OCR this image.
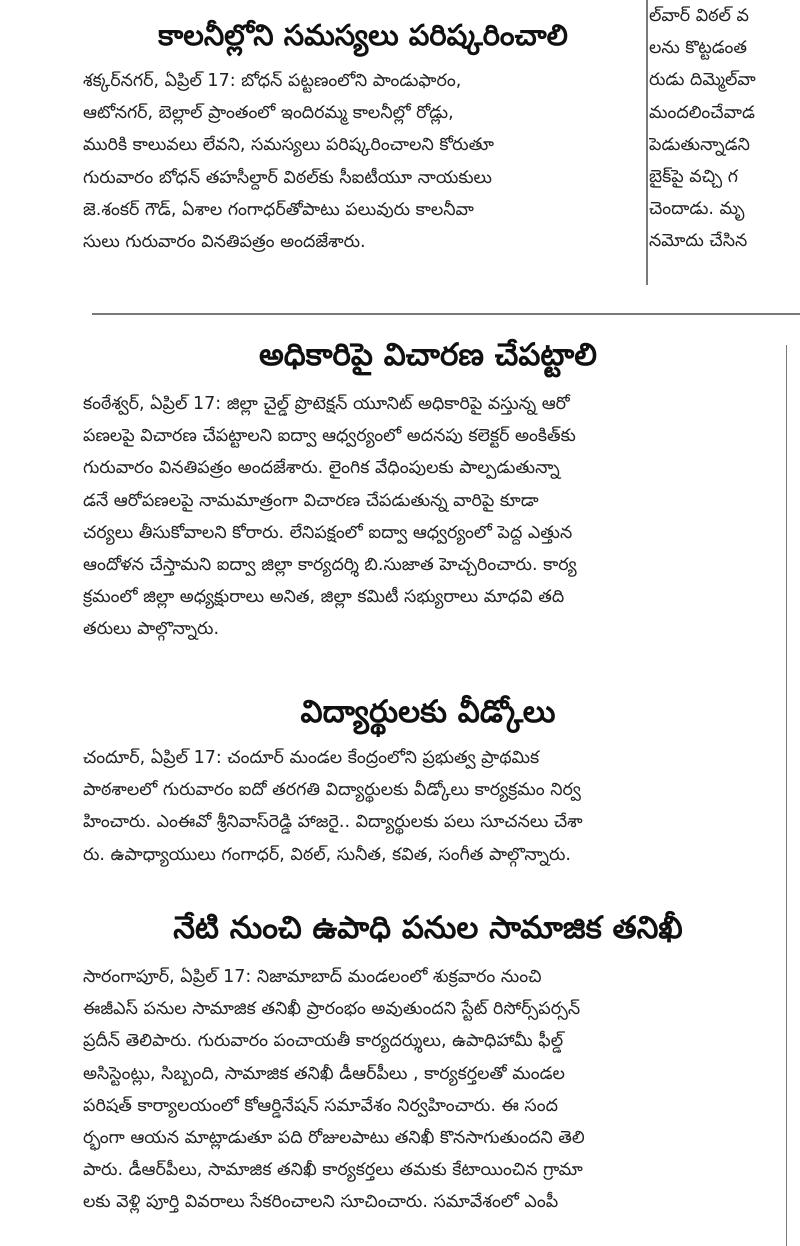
కాలనీల్లోని సమస్యలు పరిష్కరించాలి
శక్కర్‌నగర్, ఏప్రిల్ 17: బోధన్ పట్టణంలోని పాండుఫారం,
ఆటోనగర్, బెల్లాల్ ప్రాంతంలో ఇందిరమ్మ కాలనీల్లో రోడ్లు,
మురికి కాలువలు లేవని, సమస్యలు పరిష్కరించాలని కోరుతూ
గురువారం బోధన్ తహసీల్దార్ విఠల్‌కు సీఐటీయూ నాయకులు
జె.శంకర్ గౌడ్, ఏశాల గంగాధర్‌తోపాటు పలువురు కాలనీవా
సులు గురువారం వినతిపత్రం అందజేశారు.
ల్‌వార్ విఠల్ వ
లను కొట్టడంత
రుడు దిమ్మెల్‌వా
మందలించేవాడ
పెడుతున్నాడని
బైక్‌పై వచ్చి గ
చెందాడు. మృ
నమోదు చేసిన
అధికారిపై విచారణ చేపట్టాలి
కంఠేశ్వర్, ఏప్రిల్ 17: జిల్లా చైల్డ్ ప్రొటెక్షన్ యూనిట్ అధికారిపై వస్తున్న ఆరో
పణలపై విచారణ చేపట్టాలని ఐద్వా ఆధ్వర్యంలో అదనపు కలెక్టర్ అంకిత్‌కు
గురువారం వినతిపత్రం అందజేశారు. లైంగిక వేధింపులకు పాల్పడుతున్నా
డనే ఆరోపణలపై నామమాత్రంగా విచారణ చేపడుతున్న వారిపై కూడా
చర్యలు తీసుకోవాలని కోరారు. లేనిపక్షంలో ఐద్వా ఆధ్వర్యంలో పెద్ద ఎత్తున
ఆందోళన చేస్తామని ఐద్వా జిల్లా కార్యదర్శి బి.సుజాత హెచ్చరించారు. కార్య
క్రమంలో జిల్లా అధ్యక్షురాలు అనిత, జిల్లా కమిటీ సభ్యురాలు మాధవి తది
తరులు పాల్గొన్నారు.
విద్యార్థులకు వీడ్కోలు
చందూర్, ఏప్రిల్ 17: చందూర్ మండల కేంద్రంలోని ప్రభుత్వ ప్రాథమిక
పాఠశాలలో గురువారం ఐదో తరగతి విద్యార్థులకు వీడ్కోలు కార్యక్రమం నిర్వ
హించారు. ఎంఈవో శ్రీనివాస్‌రెడ్డి హాజరై.. విద్యార్థులకు పలు సూచనలు చేశా
రు. ఉపాధ్యాయులు గంగాధర్, విఠల్, సునీత, కవిత, సంగీత పాల్గొన్నారు.
నేటి నుంచి ఉపాధి పనుల సామాజిక తనిఖీ
సారంగాపూర్, ఏప్రిల్ 17: నిజామాబాద్ మండలంలో శుక్రవారం నుంచి
ఈజీఎస్ పనుల సామాజిక తనిఖీ ప్రారంభం అవుతుందని స్టేట్ రిసోర్స్‌పర్సన్
ప్రదీన్ తెలిపారు. గురువారం పంచాయతీ కార్యదర్శులు, ఉపాధిహామీ ఫీల్డ్
అసిస్టెంట్లు, సిబ్బంది, సామాజిక తనిఖీ డీఆర్‌పీలు , కార్యకర్తలతో మండల
పరిషత్ కార్యాలయంలో కోఆర్డినేషన్ సమావేశం నిర్వహించారు. ఈ సంద
ర్భంగా ఆయన మాట్లాడుతూ పది రోజులపాటు తనిఖీ కొనసాగుతుందని తెలి
పారు. డీఆర్‌పీలు, సామాజిక తనిఖీ కార్యకర్తలు తమకు కేటాయించిన గ్రామా
లకు వెళ్లి పూర్తి వివరాలు సేకరించాలని సూచించారు. సమావేశంలో ఎంపీ
